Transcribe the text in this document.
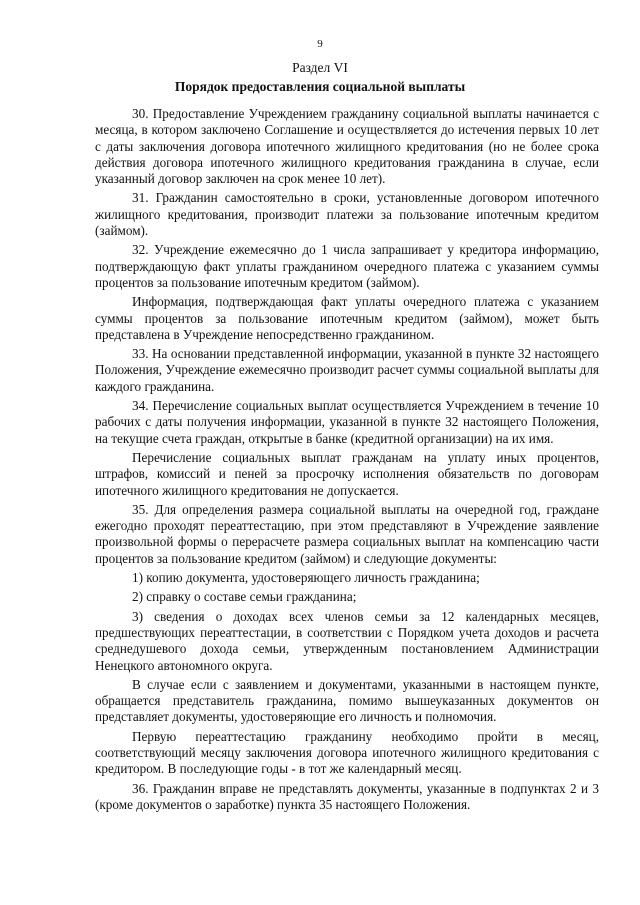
9
Раздел VI
Порядок предоставления социальной выплаты

30. Предоставление Учреждением гражданину социальной выплаты начинается с месяца, в котором заключено Соглашение и осуществляется до истечения первых 10 лет с даты заключения договора ипотечного жилищного кредитования (но не более срока действия договора ипотечного жилищного кредитования гражданина в случае, если указанный договор заключен на срок менее 10 лет).

31. Гражданин самостоятельно в сроки, установленные договором ипотечного жилищного кредитования, производит платежи за пользование ипотечным кредитом (займом).

32. Учреждение ежемесячно до 1 числа запрашивает у кредитора информацию, подтверждающую факт уплаты гражданином очередного платежа с указанием суммы процентов за пользование ипотечным кредитом (займом).

Информация, подтверждающая факт уплаты очередного платежа с указанием суммы процентов за пользование ипотечным кредитом (займом), может быть представлена в Учреждение непосредственно гражданином.

33. На основании представленной информации, указанной в пункте 32 настоящего Положения, Учреждение ежемесячно производит расчет суммы социальной выплаты для каждого гражданина.

34. Перечисление социальных выплат осуществляется Учреждением в течение 10 рабочих с даты получения информации, указанной в пункте 32 настоящего Положения, на текущие счета граждан, открытые в банке (кредитной организации) на их имя.

Перечисление социальных выплат гражданам на уплату иных процентов, штрафов, комиссий и пеней за просрочку исполнения обязательств по договорам ипотечного жилищного кредитования не допускается.

35. Для определения размера социальной выплаты на очередной год, граждане ежегодно проходят переаттестацию, при этом представляют в Учреждение заявление произвольной формы о перерасчете размера социальных выплат на компенсацию части процентов за пользование кредитом (займом) и следующие документы:

1) копию документа, удостоверяющего личность гражданина;

2) справку о составе семьи гражданина;

3) сведения о доходах всех членов семьи за 12 календарных месяцев, предшествующих переаттестации, в соответствии с Порядком учета доходов и расчета среднедушевого дохода семьи, утвержденным постановлением Администрации Ненецкого автономного округа.

В случае если с заявлением и документами, указанными в настоящем пункте, обращается представитель гражданина, помимо вышеуказанных документов он представляет документы, удостоверяющие его личность и полномочия.

Первую переаттестацию гражданину необходимо пройти в месяц, соответствующий месяцу заключения договора ипотечного жилищного кредитования с кредитором. В последующие годы - в тот же календарный месяц.

36. Гражданин вправе не представлять документы, указанные в подпунктах 2 и 3 (кроме документов о заработке) пункта 35 настоящего Положения.
